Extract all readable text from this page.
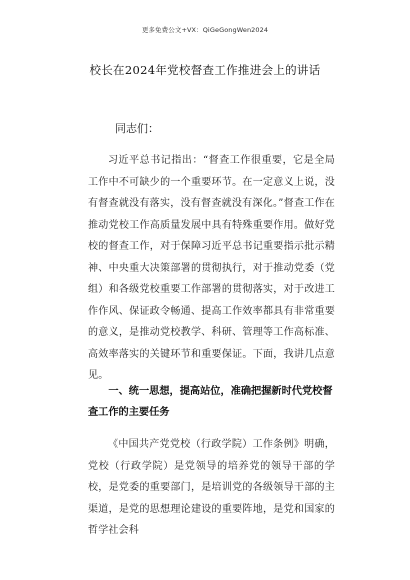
更多免费公文+VX：QiGeGongWen2024
校长在2024年党校督查工作推进会上的讲话
同志们：

习近平总书记指出：“督查工作很重要，它是全局工作中不可缺少的一个重要环节。在一定意义上说，没有督查就没有落实，没有督查就没有深化。”督查工作在推动党校工作高质量发展中具有特殊重要作用。做好党校的督查工作，对于保障习近平总书记重要指示批示精神、中央重大决策部署的贯彻执行，对于推动党委（党组）和各级党校重要工作部署的贯彻落实，对于改进工作作风、保证政令畅通、提高工作效率都具有非常重要的意义，是推动党校教学、科研、管理等工作高标准、高效率落实的关键环节和重要保证。下面，我讲几点意见。

一、统一思想，提高站位，准确把握新时代党校督查工作的主要任务

《中国共产党党校（行政学院）工作条例》明确，党校（行政学院）是党领导的培养党的领导干部的学校，是党委的重要部门，是培训党的各级领导干部的主渠道，是党的思想理论建设的重要阵地，是党和国家的哲学社会科
